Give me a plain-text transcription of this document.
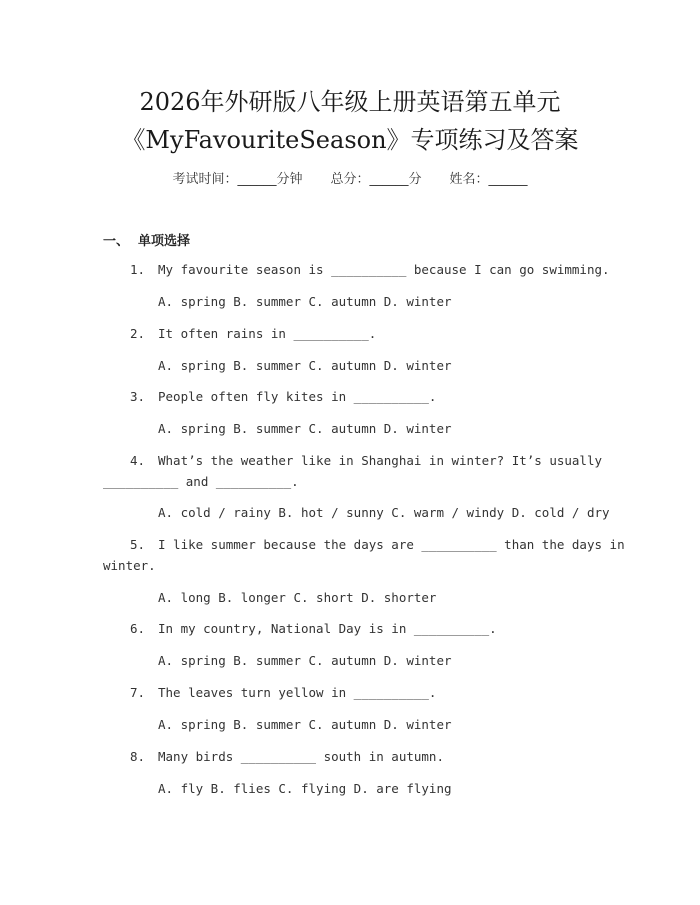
2026年外研版八年级上册英语第五单元
《MyFavouriteSeason》专项练习及答案
考试时间：______分钟 总分：______分 姓名：______
一、 单项选择
1.	My favourite season is __________ because I can go swimming.
A. spring B. summer C. autumn D. winter
2.	It often rains in __________.
A. spring B. summer C. autumn D. winter
3.	People often fly kites in __________.
A. spring B. summer C. autumn D. winter
4.	What’s the weather like in Shanghai in winter? It’s usually
__________ and __________.
A. cold / rainy B. hot / sunny C. warm / windy D. cold / dry
5.	I like summer because the days are __________ than the days in
winter.
A. long B. longer C. short D. shorter
6.	In my country, National Day is in __________.
A. spring B. summer C. autumn D. winter
7.	The leaves turn yellow in __________.
A. spring B. summer C. autumn D. winter
8.	Many birds __________ south in autumn.
A. fly B. flies C. flying D. are flying
